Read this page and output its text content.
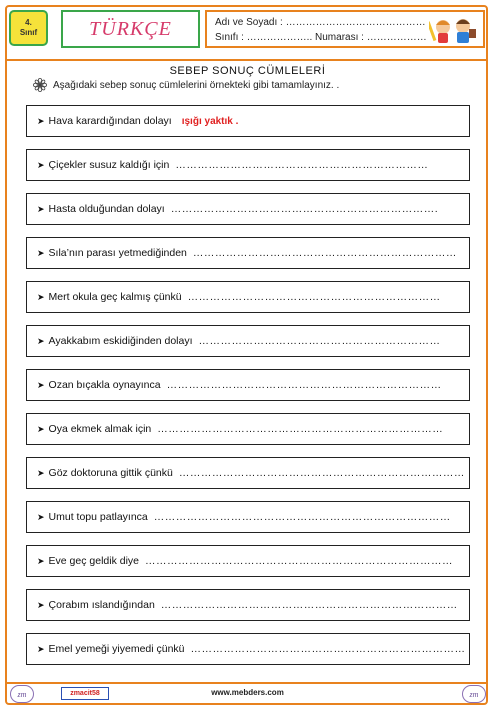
4.
Sınıf	TÜRKÇE	Adı ve Soyadı : ……………………………………
Sınıfı : ……………….. Numarası : ………………
SEBEP SONUÇ CÜMLELERİ
Aşağıdaki sebep sonuç cümlelerini örnekteki gibi tamamlayınız. .
➤ Hava karardığından dolayı ışığı yaktık .
➤ Çiçekler susuz kaldığı için ……………………………………………………………
➤ Hasta olduğundan dolayı ……………………………………………………………….
➤ Sıla’nın parası yetmediğinden ………………………………………………………………
➤ Mert okula geç kalmış çünkü ……………………………………………………………
➤ Ayakkabım eskidiğinden dolayı …………………………………………………………
➤ Ozan bıçakla oynayınca …………………………………………………………………
➤ Oya ekmek almak için ……………………………………………………………………
➤ Göz doktoruna gittik çünkü ……………………………………………………………………
➤ Umut topu patlayınca ………………………………………………………………………
➤ Eve geç geldik diye …………………………………………………………………………
➤ Çorabım ıslandığından ………………………………………………………………………
➤ Emel yemeği yiyemedi çünkü …………………………………………………………………
zm	zmacit58	www.mebders.com	zm
